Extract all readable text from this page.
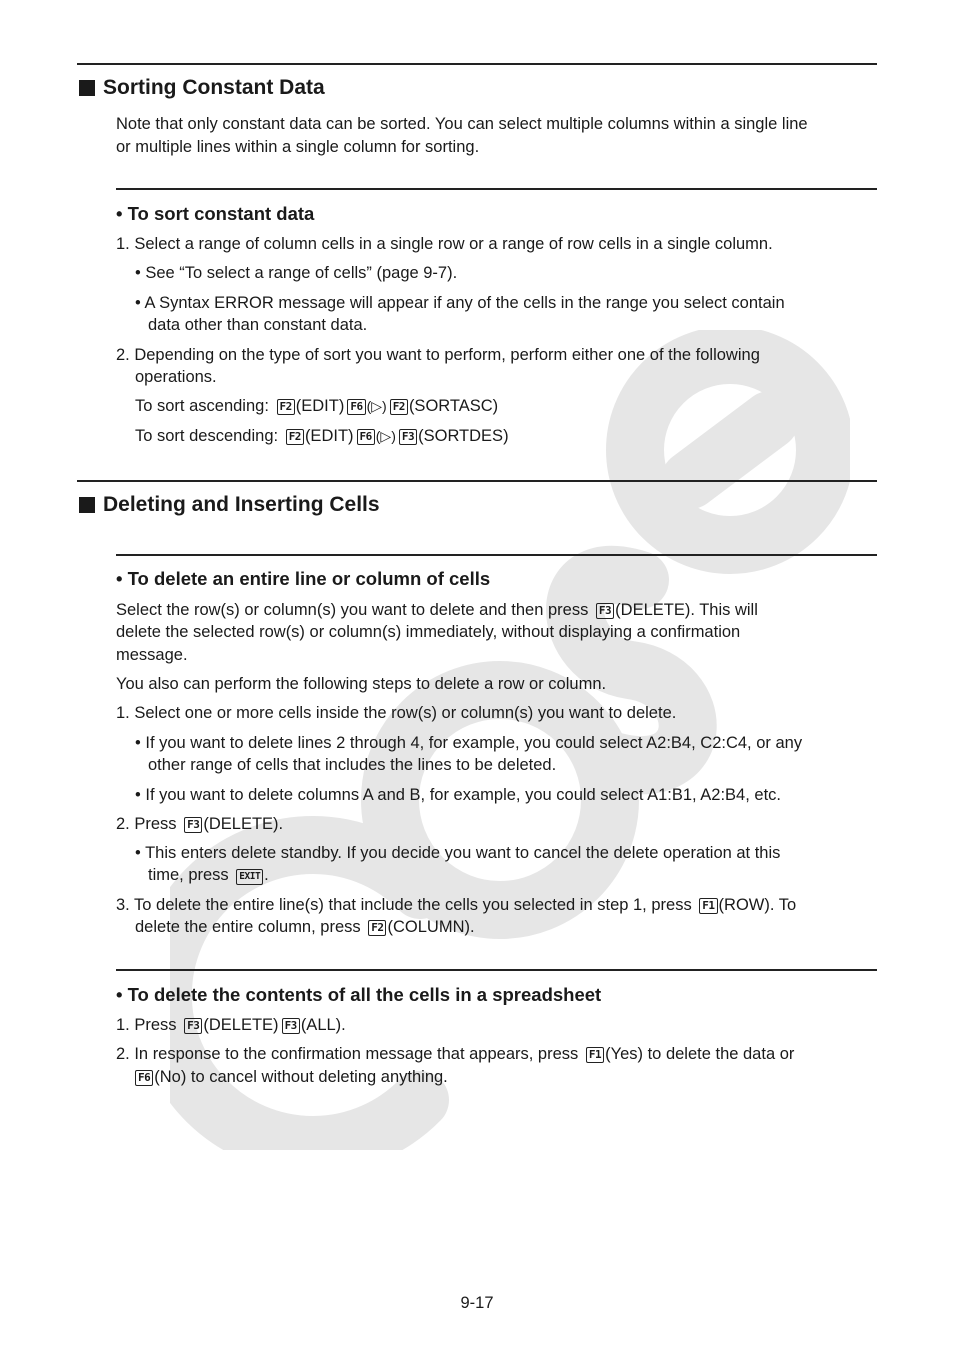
Sorting Constant Data
Note that only constant data can be sorted. You can select multiple columns within a single line
or multiple lines within a single column for sorting.
• To sort constant data
1. Select a range of column cells in a single row or a range of row cells in a single column.
• See “To select a range of cells” (page 9-7).
• A Syntax ERROR message will appear if any of the cells in the range you select contain
data other than constant data.
2. Depending on the type of sort you want to perform, perform either one of the following
operations.
To sort ascending: F2 (EDIT) F6 (▷) F2 (SORTASC)
To sort descending: F2 (EDIT) F6 (▷) F3 (SORTDES)
Deleting and Inserting Cells
• To delete an entire line or column of cells
Select the row(s) or column(s) you want to delete and then press F3 (DELETE). This will
delete the selected row(s) or column(s) immediately, without displaying a confirmation
message.
You also can perform the following steps to delete a row or column.
1. Select one or more cells inside the row(s) or column(s) you want to delete.
• If you want to delete lines 2 through 4, for example, you could select A2:B4, C2:C4, or any
other range of cells that includes the lines to be deleted.
• If you want to delete columns A and B, for example, you could select A1:B1, A2:B4, etc.
2. Press F3 (DELETE).
• This enters delete standby. If you decide you want to cancel the delete operation at this
time, press EXIT .
3. To delete the entire line(s) that include the cells you selected in step 1, press F1 (ROW). To
delete the entire column, press F2 (COLUMN).
• To delete the contents of all the cells in a spreadsheet
1. Press F3 (DELETE) F3 (ALL).
2. In response to the confirmation message that appears, press F1 (Yes) to delete the data or
F6 (No) to cancel without deleting anything.
9-17
